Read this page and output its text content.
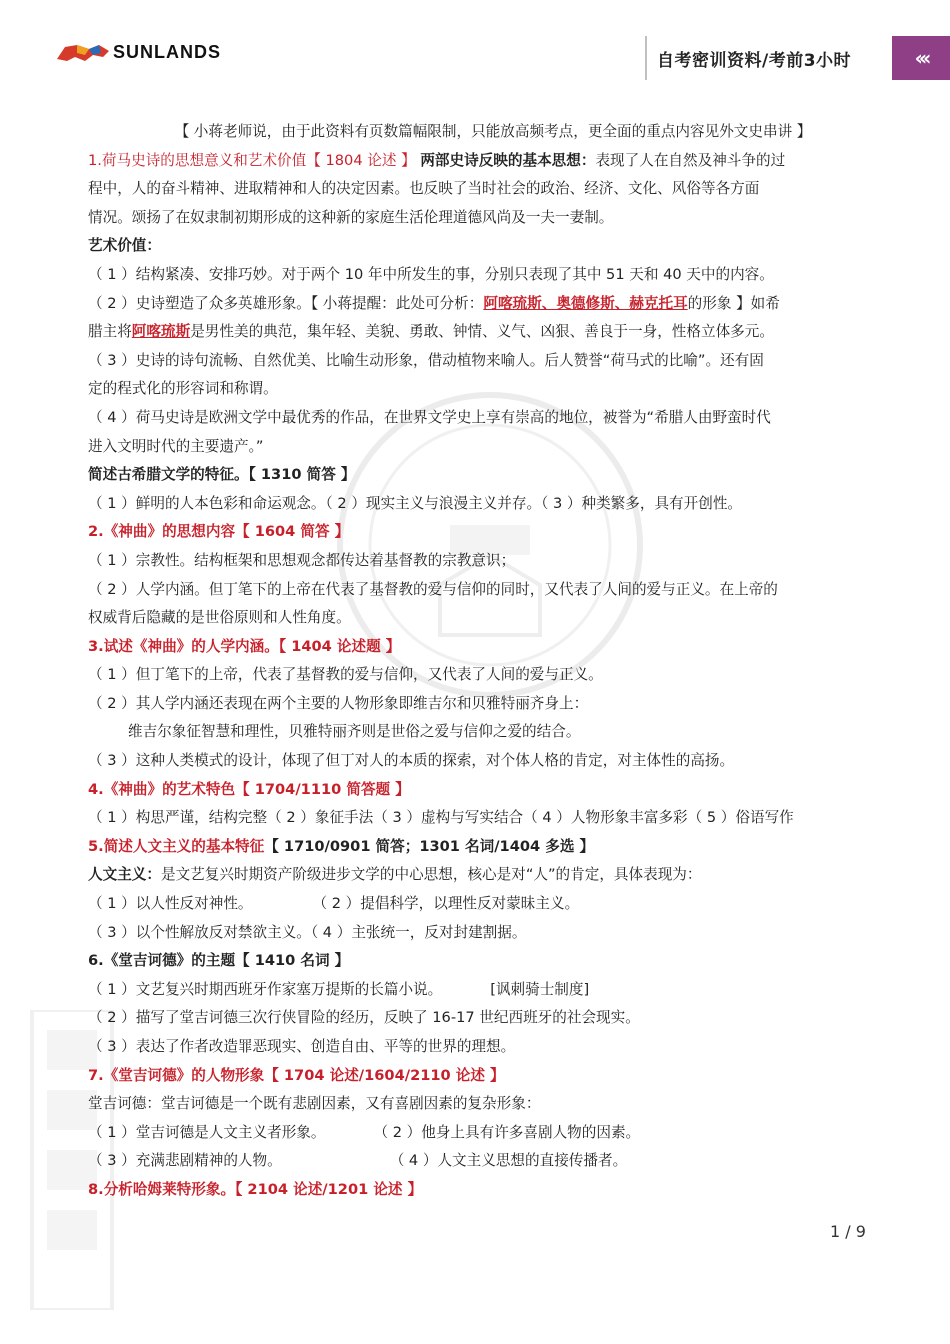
SUNLANDS	自考密训资料/考前3小时	‹‹‹
【 小蒋老师说，由于此资料有页数篇幅限制，只能放高频考点，更全面的重点内容见外文史串讲 】
1.荷马史诗的思想意义和艺术价值【 1804 论述 】 两部史诗反映的基本思想：表现了人在自然及神斗争的过
程中，人的奋斗精神、进取精神和人的决定因素。也反映了当时社会的政治、经济、文化、风俗等各方面
情况。颂扬了在奴隶制初期形成的这种新的家庭生活伦理道德风尚及一夫一妻制。
艺术价值：
（ 1 ）结构紧凑、安排巧妙。对于两个 10 年中所发生的事，分别只表现了其中 51 天和 40 天中的内容。
（ 2 ）史诗塑造了众多英雄形象。【 小蒋提醒：此处可分析：阿喀琉斯、奥德修斯、赫克托耳的形象 】如希
腊主将阿喀琉斯是男性美的典范，集年轻、美貌、勇敢、钟情、义气、凶狠、善良于一身，性格立体多元。
（ 3 ）史诗的诗句流畅、自然优美、比喻生动形象，借动植物来喻人。后人赞誉“荷马式的比喻”。还有固
定的程式化的形容词和称谓。
（ 4 ）荷马史诗是欧洲文学中最优秀的作品，在世界文学史上享有崇高的地位，被誉为“希腊人由野蛮时代
进入文明时代的主要遗产。”
简述古希腊文学的特征。【 1310 简答 】
（ 1 ）鲜明的人本色彩和命运观念。（ 2 ）现实主义与浪漫主义并存。（ 3 ）种类繁多，具有开创性。
2.《神曲》的思想内容【 1604 简答 】
（ 1 ）宗教性。结构框架和思想观念都传达着基督教的宗教意识；
（ 2 ）人学内涵。但丁笔下的上帝在代表了基督教的爱与信仰的同时，又代表了人间的爱与正义。在上帝的
权威背后隐藏的是世俗原则和人性角度。
3.试述《神曲》的人学内涵。【 1404 论述题 】
（ 1 ）但丁笔下的上帝，代表了基督教的爱与信仰，又代表了人间的爱与正义。
（ 2 ）其人学内涵还表现在两个主要的人物形象即维吉尔和贝雅特丽齐身上：
维吉尔象征智慧和理性，贝雅特丽齐则是世俗之爱与信仰之爱的结合。
（ 3 ）这种人类模式的设计，体现了但丁对人的本质的探索，对个体人格的肯定，对主体性的高扬。
4.《神曲》的艺术特色【 1704/1110 简答题 】
（ 1 ）构思严谨，结构完整（ 2 ）象征手法（ 3 ）虚构与写实结合（ 4 ）人物形象丰富多彩（ 5 ）俗语写作
5.简述人文主义的基本特征【 1710/0901 简答；1301 名词/1404 多选 】
人文主义：是文艺复兴时期资产阶级进步文学的中心思想，核心是对“人”的肯定，具体表现为：
（ 1 ）以人性反对神性。	（ 2 ）提倡科学，以理性反对蒙昧主义。
（ 3 ）以个性解放反对禁欲主义。（ 4 ）主张统一，反对封建割据。
6.《堂吉诃德》的主题【 1410 名词 】
（ 1 ）文艺复兴时期西班牙作家塞万提斯的长篇小说。	[讽刺骑士制度]
（ 2 ）描写了堂吉诃德三次行侠冒险的经历，反映了 16-17 世纪西班牙的社会现实。
（ 3 ）表达了作者改造罪恶现实、创造自由、平等的世界的理想。
7.《堂吉诃德》的人物形象【 1704 论述/1604/2110 论述 】
堂吉诃德：堂吉诃德是一个既有悲剧因素，又有喜剧因素的复杂形象：
（ 1 ）堂吉诃德是人文主义者形象。	（ 2 ）他身上具有许多喜剧人物的因素。
（ 3 ）充满悲剧精神的人物。	（ 4 ）人文主义思想的直接传播者。
8.分析哈姆莱特形象。【 2104 论述/1201 论述 】
1 / 9
